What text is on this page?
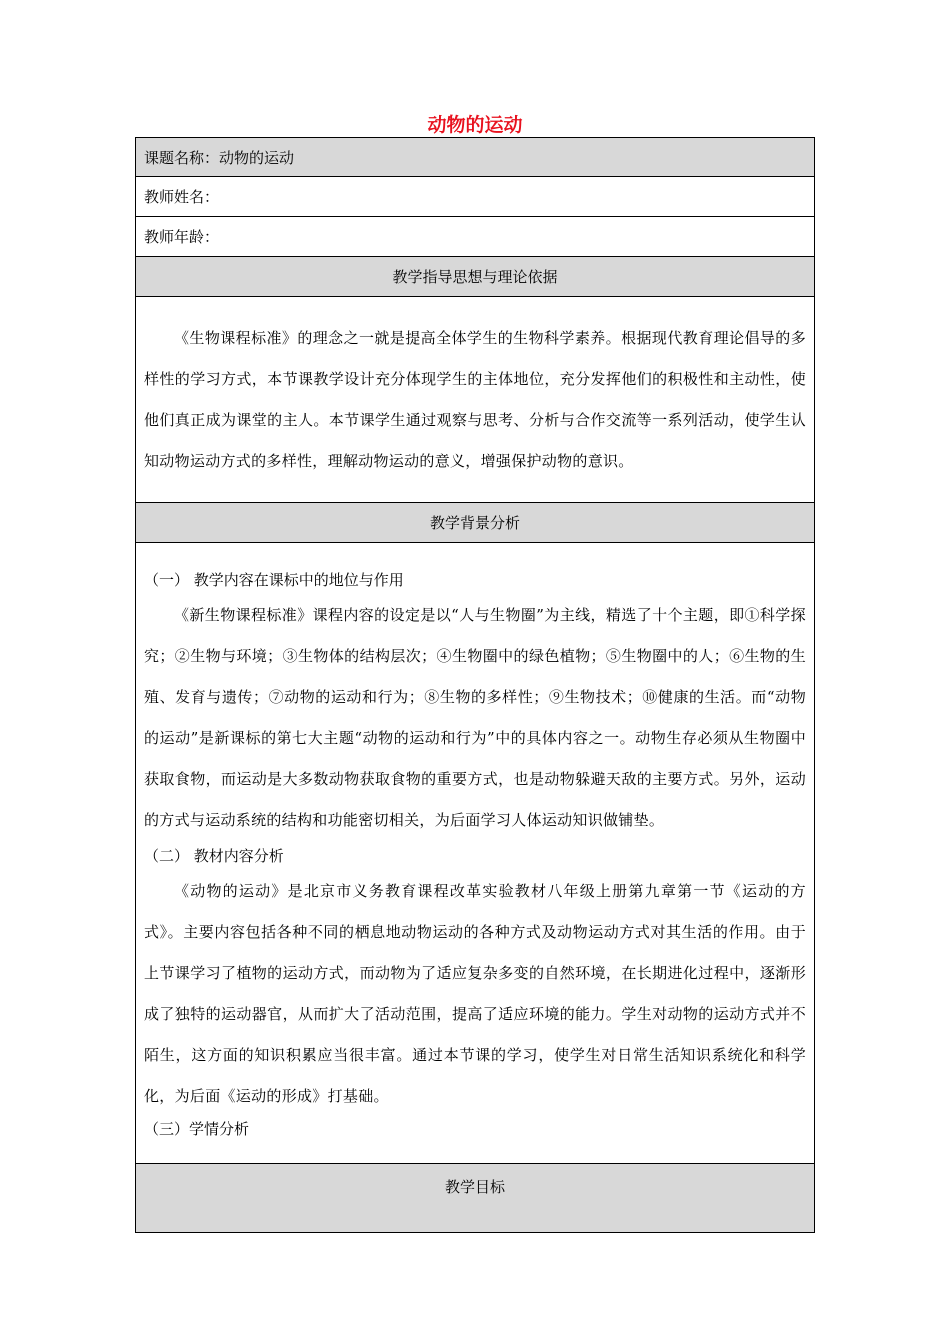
动物的运动
课题名称：动物的运动
教师姓名：
教师年龄：
教学指导思想与理论依据

《生物课程标准》的理念之一就是提高全体学生的生物科学素养。根据现代教育理论倡导的多样性的学习方式，本节课教学设计充分体现学生的主体地位，充分发挥他们的积极性和主动性，使他们真正成为课堂的主人。本节课学生通过观察与思考、分析与合作交流等一系列活动，使学生认知动物运动方式的多样性，理解动物运动的意义，增强保护动物的意识。

教学背景分析

（一） 教学内容在课标中的地位与作用

《新生物课程标准》课程内容的设定是以“人与生物圈”为主线，精选了十个主题，即①科学探究；②生物与环境；③生物体的结构层次；④生物圈中的绿色植物；⑤生物圈中的人；⑥生物的生殖、发育与遗传；⑦动物的运动和行为；⑧生物的多样性；⑨生物技术；⑩健康的生活。而“动物的运动”是新课标的第七大主题“动物的运动和行为”中的具体内容之一。动物生存必须从生物圈中获取食物，而运动是大多数动物获取食物的重要方式，也是动物躲避天敌的主要方式。另外，运动的方式与运动系统的结构和功能密切相关，为后面学习人体运动知识做铺垫。

（二） 教材内容分析

《动物的运动》是北京市义务教育课程改革实验教材八年级上册第九章第一节《运动的方式》。主要内容包括各种不同的栖息地动物运动的各种方式及动物运动方式对其生活的作用。由于上节课学习了植物的运动方式，而动物为了适应复杂多变的自然环境，在长期进化过程中，逐渐形成了独特的运动器官，从而扩大了活动范围，提高了适应环境的能力。学生对动物的运动方式并不陌生，这方面的知识积累应当很丰富。通过本节课的学习，使学生对日常生活知识系统化和科学化，为后面《运动的形成》打基础。

（三）学情分析

教学目标
